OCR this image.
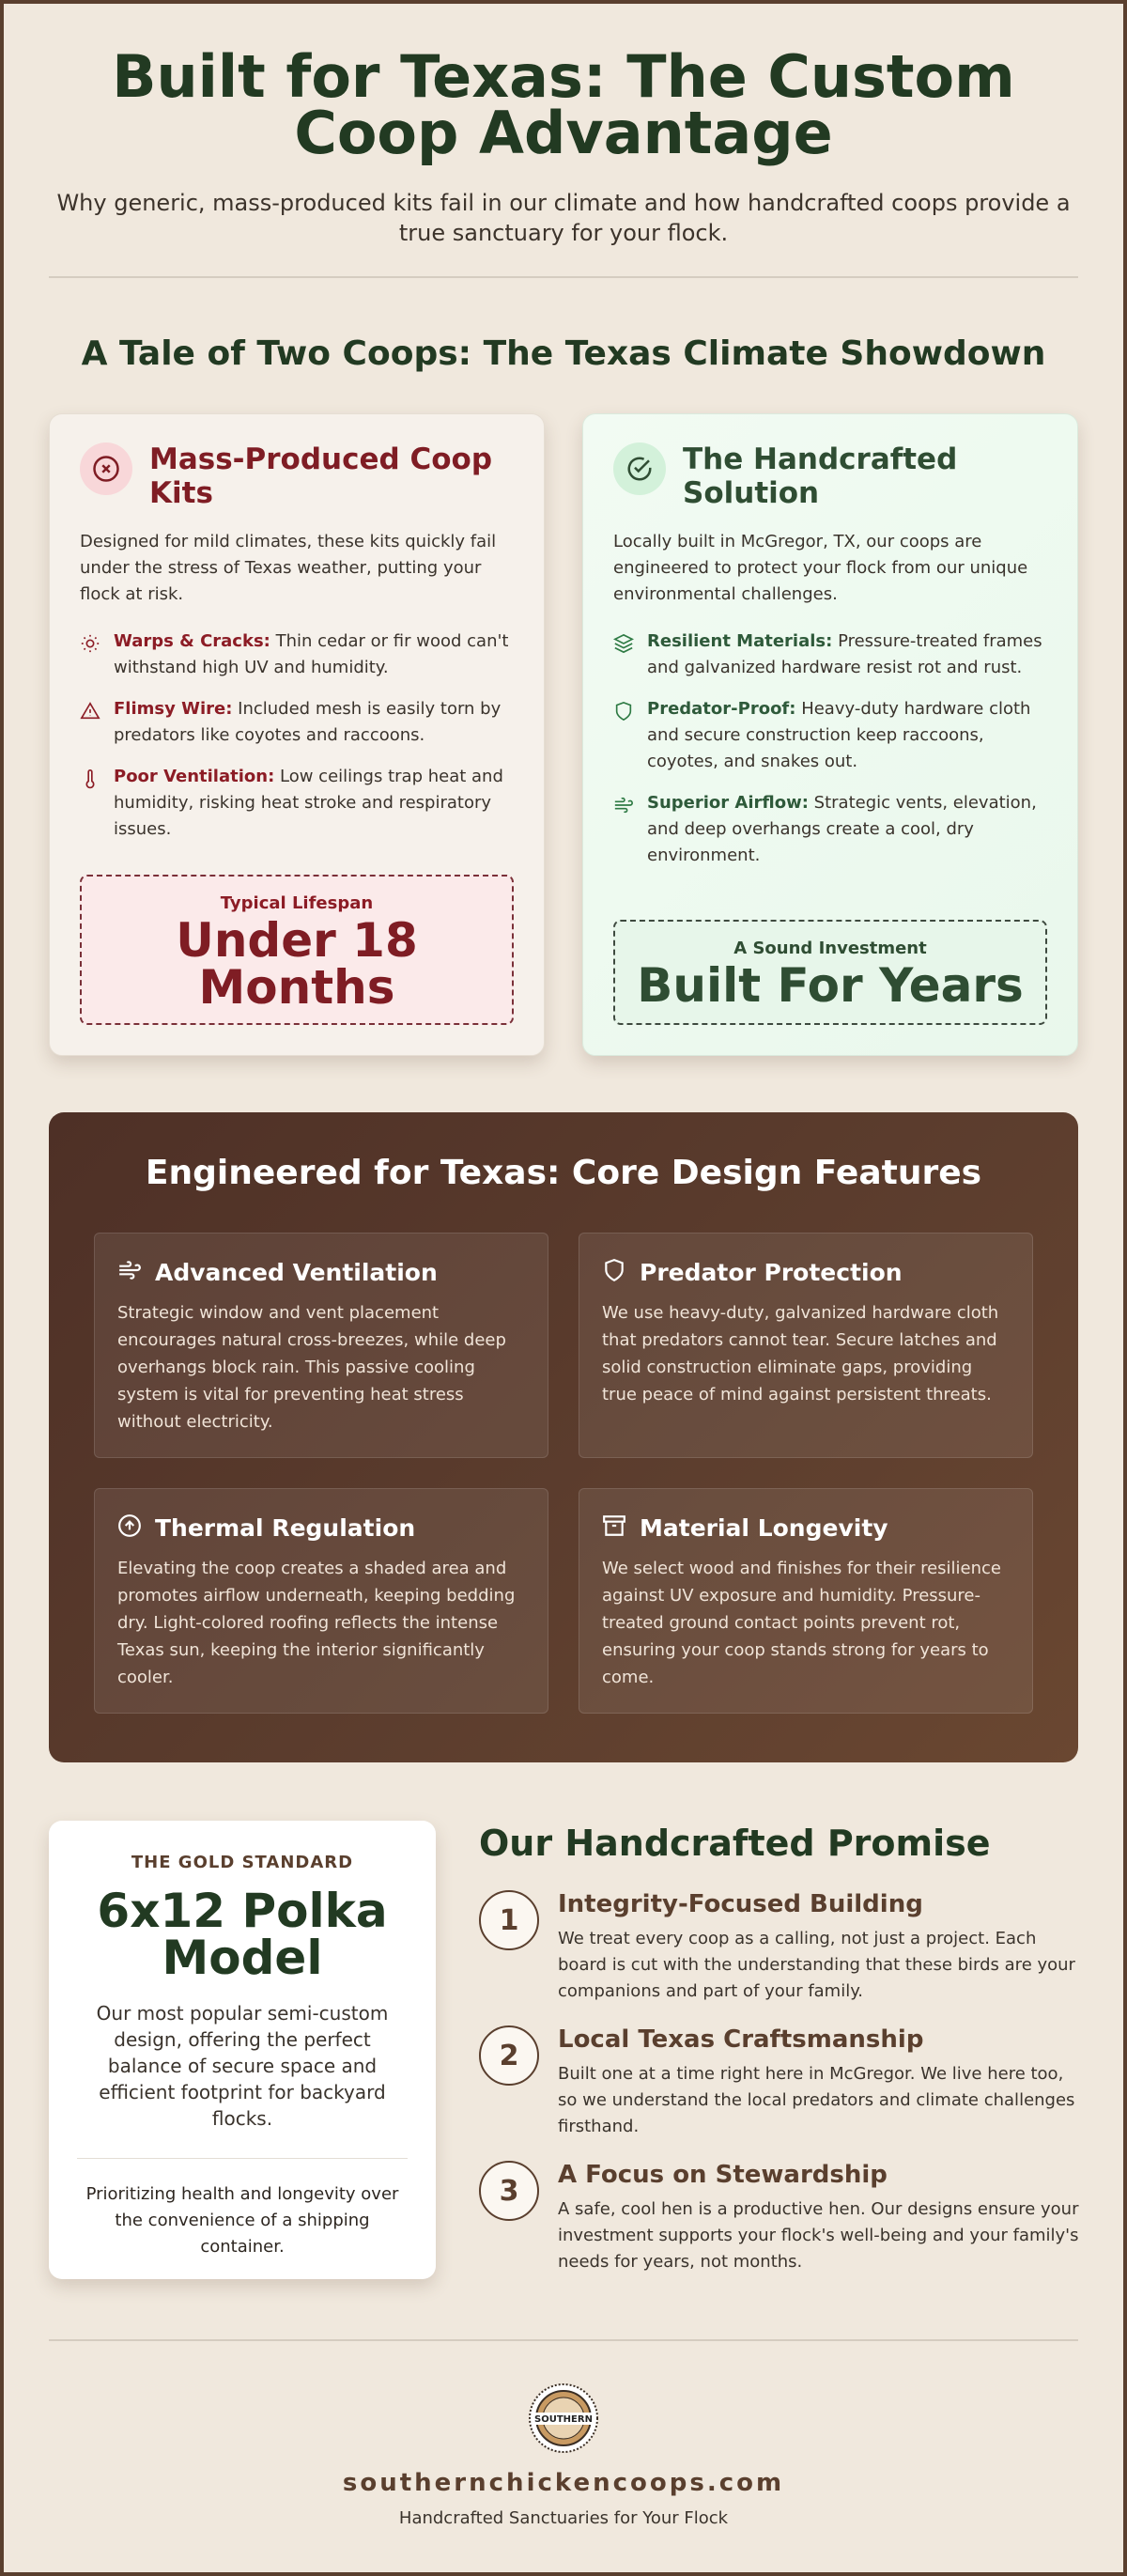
Built for Texas: The Custom Coop Advantage

Why generic, mass-produced kits fail in our climate and how handcrafted coops provide a true sanctuary for your flock.

A Tale of Two Coops: The Texas Climate Showdown
Mass-Produced Coop Kits

Designed for mild climates, these kits quickly fail under the stress of Texas weather, putting your flock at risk.

Warps & Cracks: Thin cedar or fir wood can't withstand high UV and humidity.
Flimsy Wire: Included mesh is easily torn by predators like coyotes and raccoons.
Poor Ventilation: Low ceilings trap heat and humidity, risking heat stroke and respiratory issues.
Typical Lifespan
Under 18 Months
The Handcrafted Solution

Locally built in McGregor, TX, our coops are engineered to protect your flock from our unique environmental challenges.

Resilient Materials: Pressure-treated frames and galvanized hardware resist rot and rust.
Predator-Proof: Heavy-duty hardware cloth and secure construction keep raccoons, coyotes, and snakes out.
Superior Airflow: Strategic vents, elevation, and deep overhangs create a cool, dry environment.
A Sound Investment
Built For Years
Engineered for Texas: Core Design Features
Advanced Ventilation

Strategic window and vent placement encourages natural cross-breezes, while deep overhangs block rain. This passive cooling system is vital for preventing heat stress without electricity.

Predator Protection

We use heavy-duty, galvanized hardware cloth that predators cannot tear. Secure latches and solid construction eliminate gaps, providing true peace of mind against persistent threats.

Thermal Regulation

Elevating the coop creates a shaded area and promotes airflow underneath, keeping bedding dry. Light-colored roofing reflects the intense Texas sun, keeping the interior significantly cooler.

Material Longevity

We select wood and finishes for their resilience against UV exposure and humidity. Pressure-treated ground contact points prevent rot, ensuring your coop stands strong for years to come.

THE GOLD STANDARD
6x12 Polka Model
Our most popular semi-custom design, offering the perfect balance of secure space and efficient footprint for backyard flocks.
Prioritizing health and longevity over the convenience of a shipping container.
Our Handcrafted Promise
1	Integrity-Focused Building

We treat every coop as a calling, not just a project. Each board is cut with the understanding that these birds are your companions and part of your family.

2	Local Texas Craftsmanship

Built one at a time right here in McGregor. We live here too, so we understand the local predators and climate challenges firsthand.

3	A Focus on Stewardship

A safe, cool hen is a productive hen. Our designs ensure your investment supports your flock's well-being and your family's needs for years, not months.

SOUTHERN
southernchickencoops.com
Handcrafted Sanctuaries for Your Flock
